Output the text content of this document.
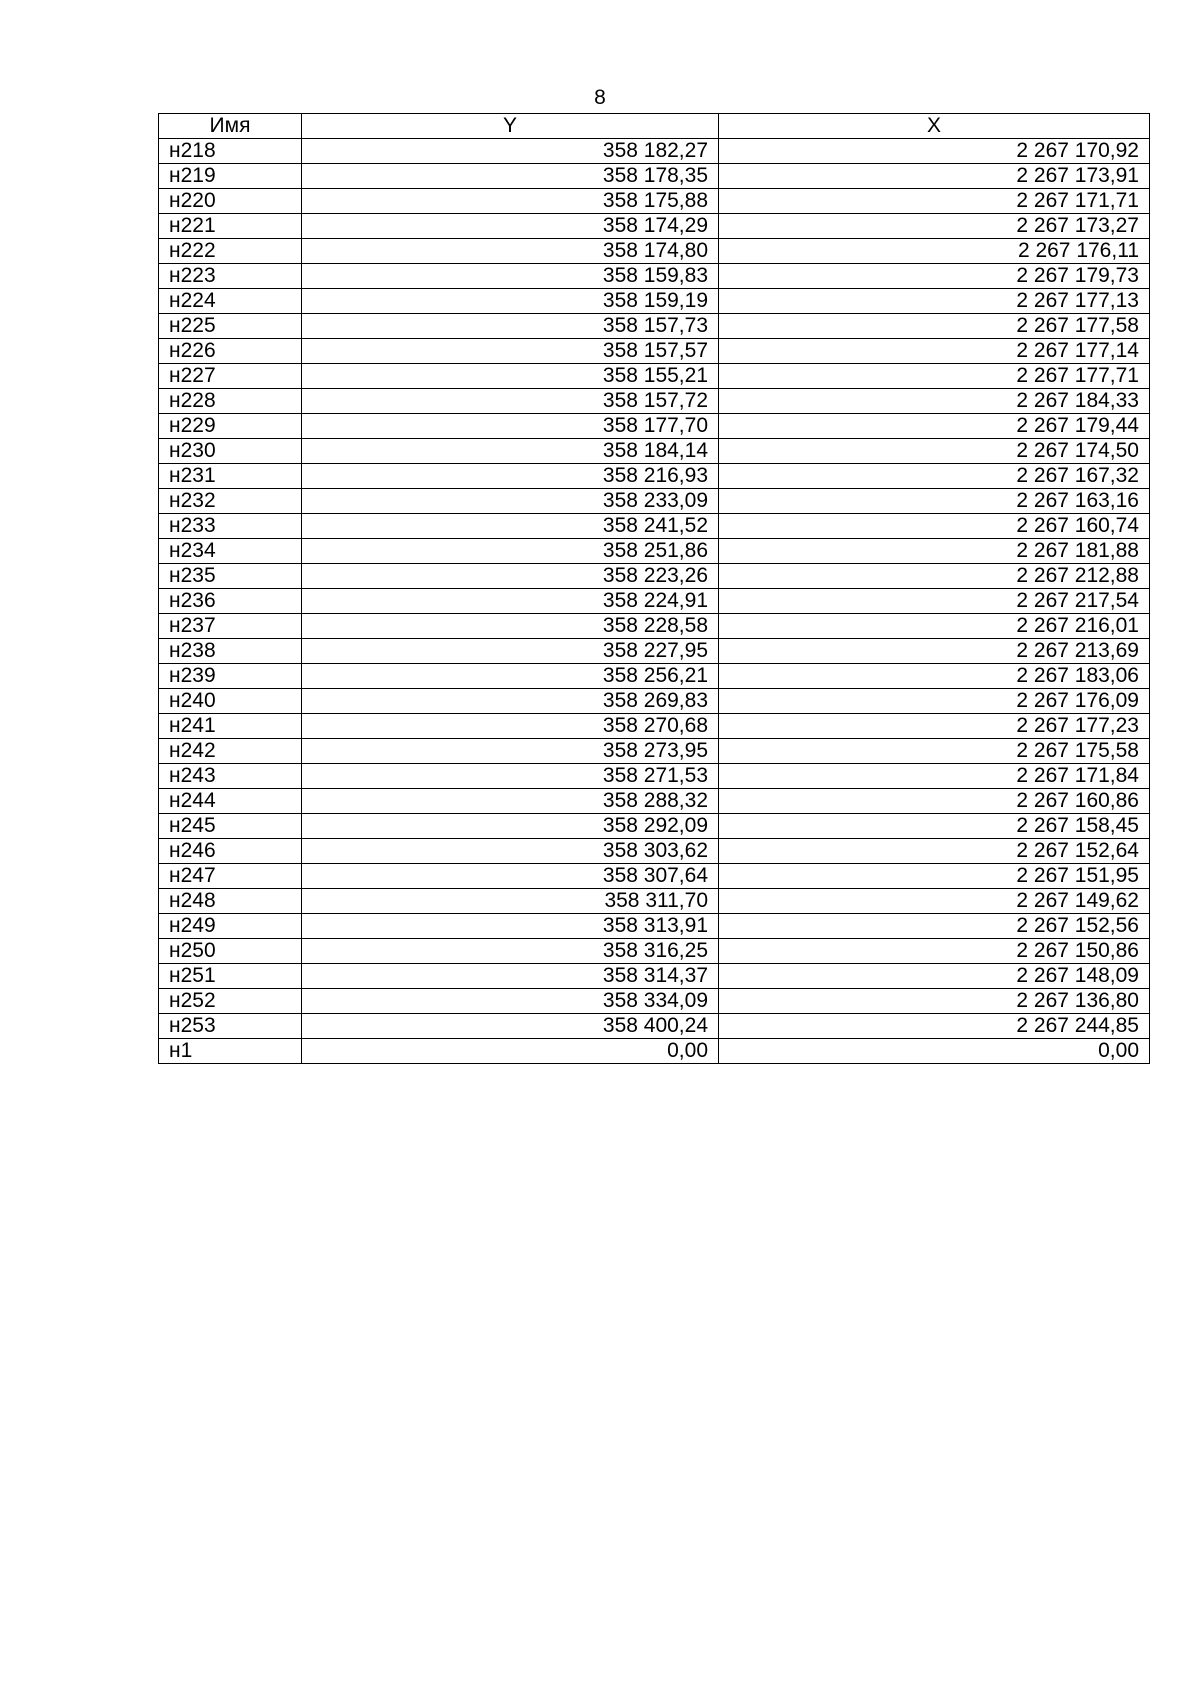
8
Имя	Y	X
н218	358 182,27	2 267 170,92
н219	358 178,35	2 267 173,91
н220	358 175,88	2 267 171,71
н221	358 174,29	2 267 173,27
н222	358 174,80	2 267 176,11
н223	358 159,83	2 267 179,73
н224	358 159,19	2 267 177,13
н225	358 157,73	2 267 177,58
н226	358 157,57	2 267 177,14
н227	358 155,21	2 267 177,71
н228	358 157,72	2 267 184,33
н229	358 177,70	2 267 179,44
н230	358 184,14	2 267 174,50
н231	358 216,93	2 267 167,32
н232	358 233,09	2 267 163,16
н233	358 241,52	2 267 160,74
н234	358 251,86	2 267 181,88
н235	358 223,26	2 267 212,88
н236	358 224,91	2 267 217,54
н237	358 228,58	2 267 216,01
н238	358 227,95	2 267 213,69
н239	358 256,21	2 267 183,06
н240	358 269,83	2 267 176,09
н241	358 270,68	2 267 177,23
н242	358 273,95	2 267 175,58
н243	358 271,53	2 267 171,84
н244	358 288,32	2 267 160,86
н245	358 292,09	2 267 158,45
н246	358 303,62	2 267 152,64
н247	358 307,64	2 267 151,95
н248	358 311,70	2 267 149,62
н249	358 313,91	2 267 152,56
н250	358 316,25	2 267 150,86
н251	358 314,37	2 267 148,09
н252	358 334,09	2 267 136,80
н253	358 400,24	2 267 244,85
н1	0,00	0,00
